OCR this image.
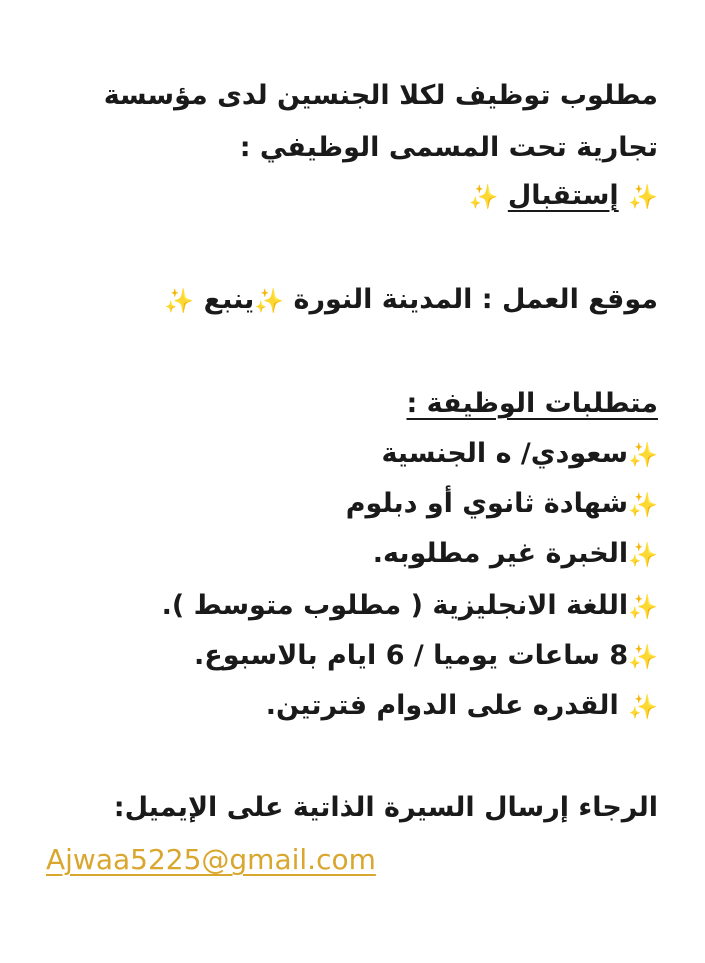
مطلوب توظيف لكلا الجنسين لدى مؤسسة
تجارية تحت المسمى الوظيفي :
✨ إستقبال ✨
موقع العمل : المدينة النورة ✨ينبع ✨
متطلبات الوظيفة :
✨سعودي/ ه الجنسية
✨شهادة ثانوي أو دبلوم
✨الخبرة غير مطلوبه.
✨اللغة الانجليزية ( مطلوب متوسط ).
✨8 ساعات يوميا / 6 ايام بالاسبوع.
✨ القدره على الدوام فترتين.
الرجاء إرسال السيرة الذاتية على الإيميل:
Ajwaa5225@gmail.com
